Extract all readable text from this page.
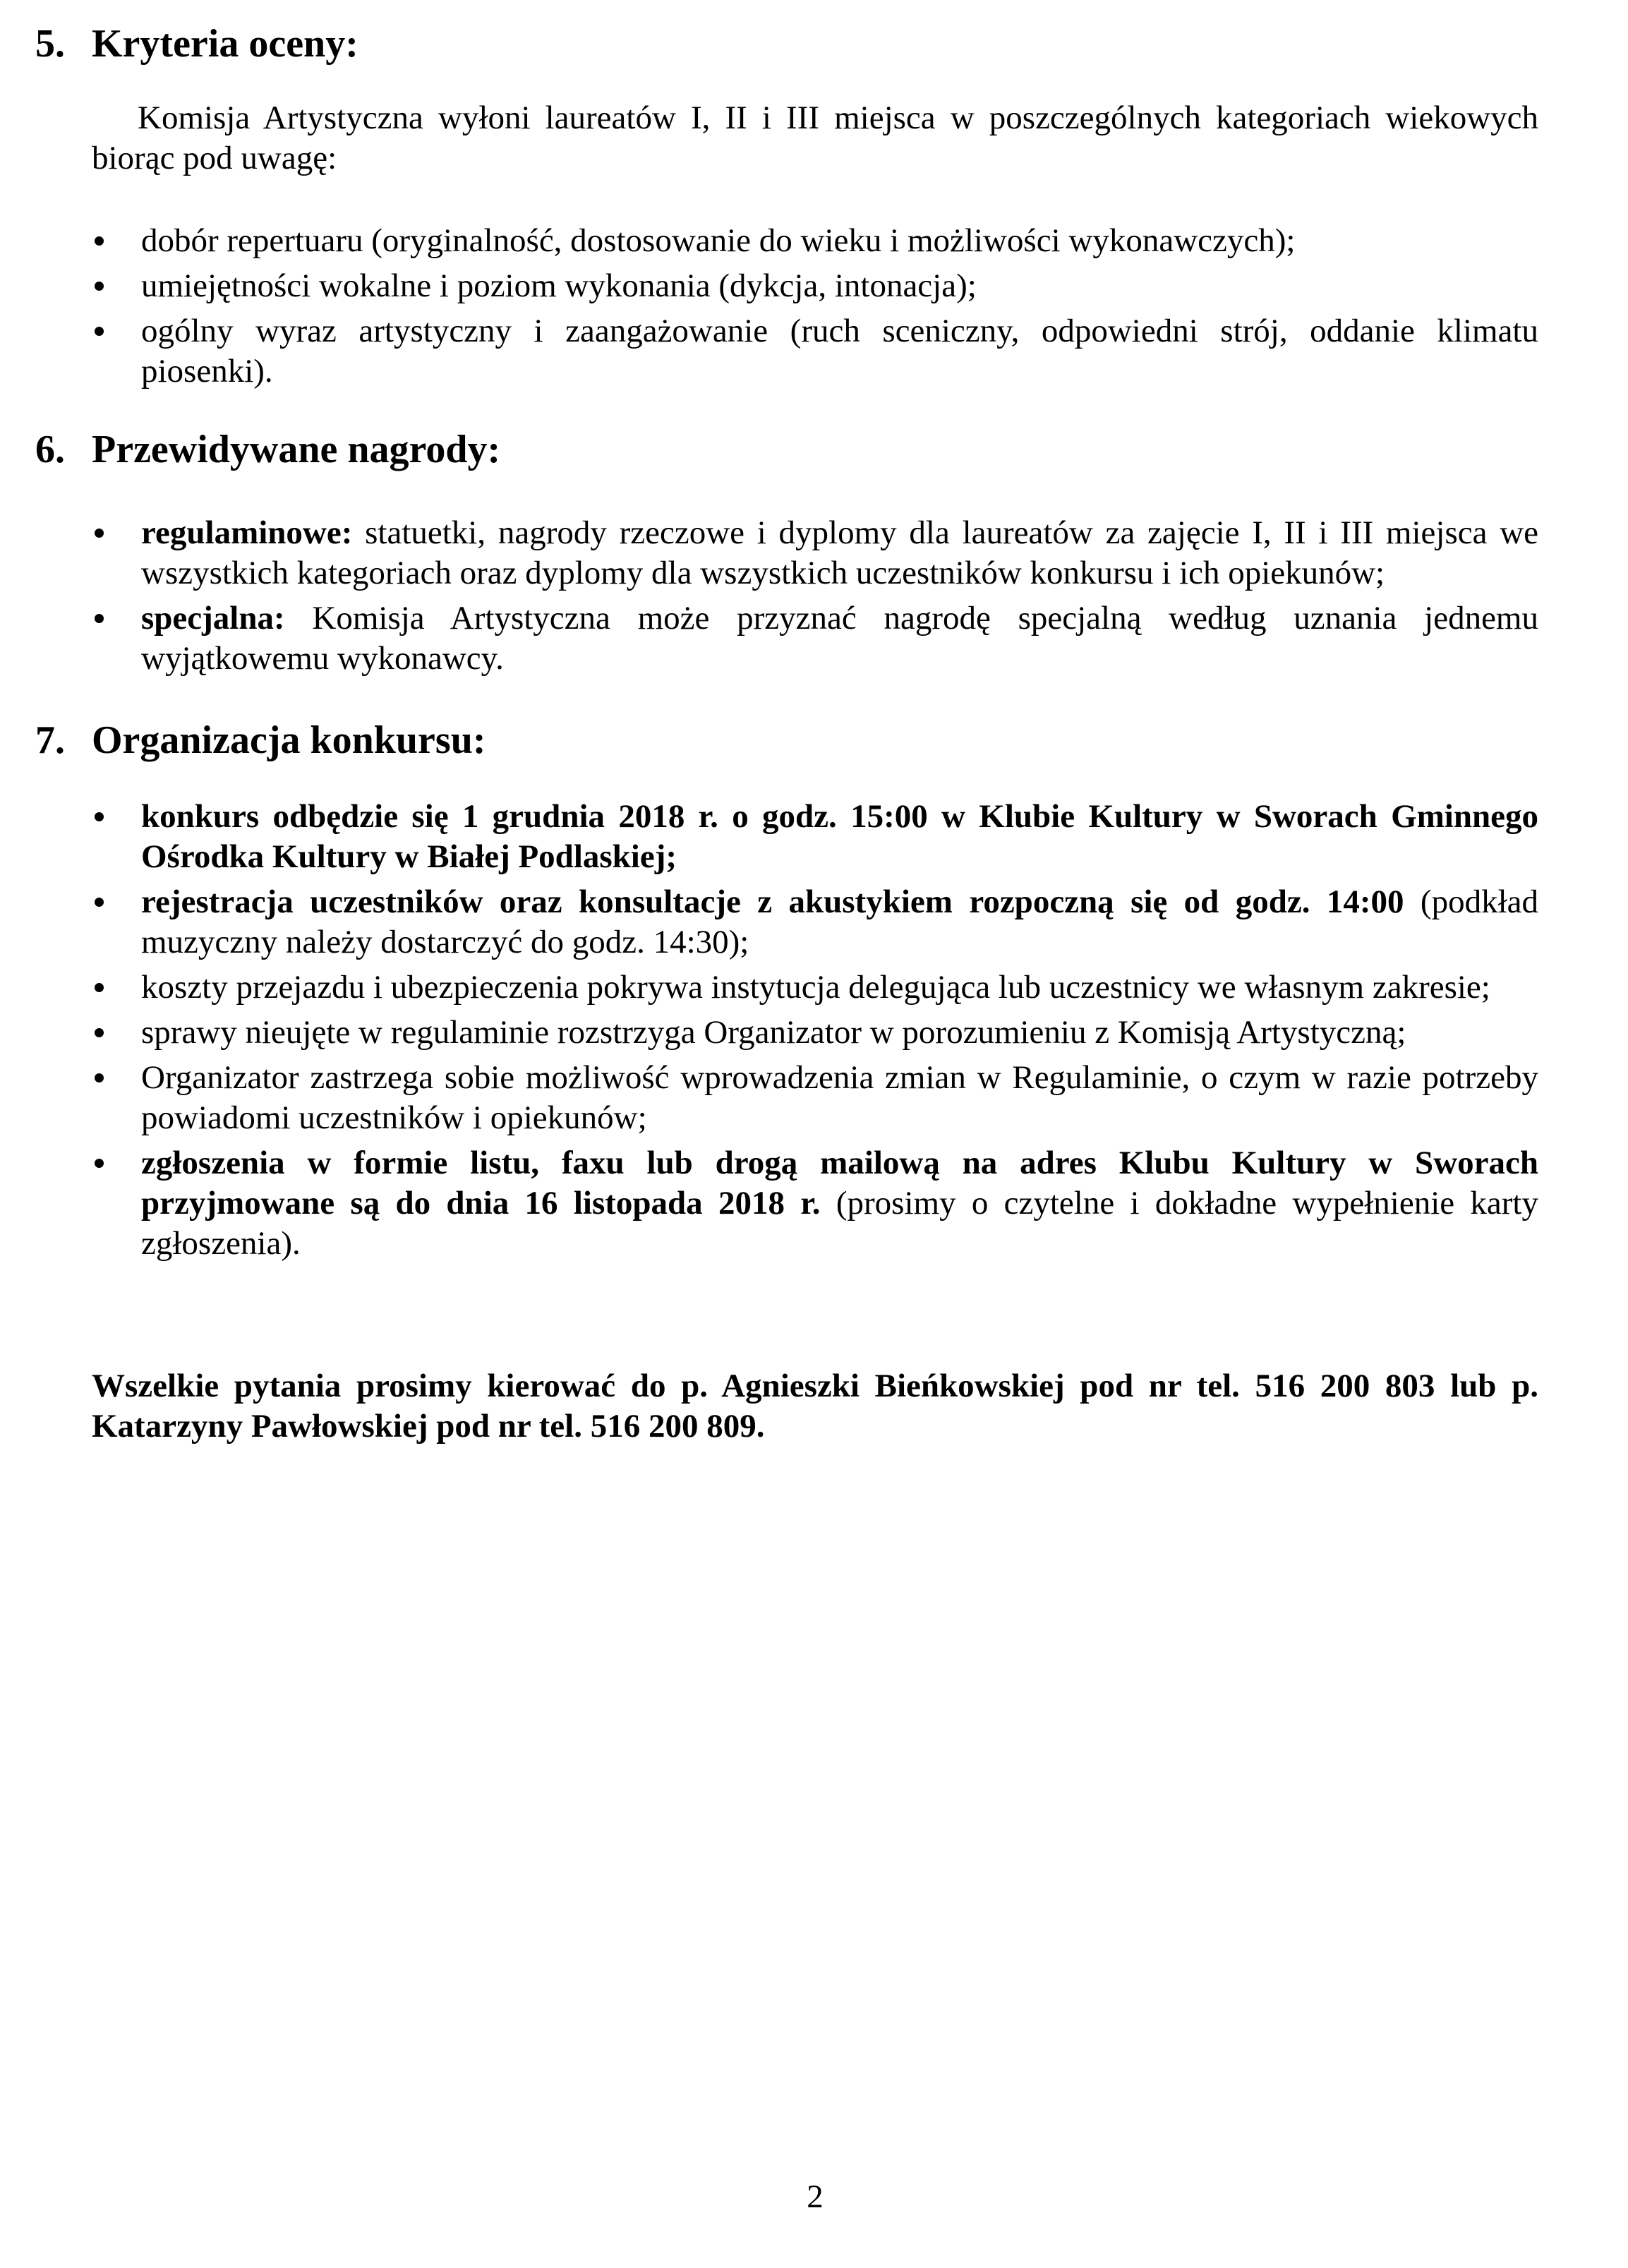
5. Kryteria oceny:

Komisja Artystyczna wyłoni laureatów I, II i III miejsca w poszczególnych kategoriach wiekowych biorąc pod uwagę:

dobór repertuaru (oryginalność, dostosowanie do wieku i możliwości wykonawczych);
umiejętności wokalne i poziom wykonania (dykcja, intonacja);
ogólny wyraz artystyczny i zaangażowanie (ruch sceniczny, odpowiedni strój, oddanie klimatu piosenki).
6. Przewidywane nagrody:
regulaminowe: statuetki, nagrody rzeczowe i dyplomy dla laureatów za zajęcie I, II i III miejsca we wszystkich kategoriach oraz dyplomy dla wszystkich uczestników konkursu i ich opiekunów;
specjalna: Komisja Artystyczna może przyznać nagrodę specjalną według uznania jednemu wyjątkowemu wykonawcy.
7. Organizacja konkursu:
konkurs odbędzie się 1 grudnia 2018 r. o godz. 15:00 w Klubie Kultury w Sworach Gminnego Ośrodka Kultury w Białej Podlaskiej;
rejestracja uczestników oraz konsultacje z akustykiem rozpoczną się od godz. 14:00 (podkład muzyczny należy dostarczyć do godz. 14:30);
koszty przejazdu i ubezpieczenia pokrywa instytucja delegująca lub uczestnicy we własnym zakresie;
sprawy nieujęte w regulaminie rozstrzyga Organizator w porozumieniu z Komisją Artystyczną;
Organizator zastrzega sobie możliwość wprowadzenia zmian w Regulaminie, o czym w razie potrzeby powiadomi uczestników i opiekunów;
zgłoszenia w formie listu, faxu lub drogą mailową na adres Klubu Kultury w Sworach przyjmowane są do dnia 16 listopada 2018 r. (prosimy o czytelne i dokładne wypełnienie karty zgłoszenia).

Wszelkie pytania prosimy kierować do p. Agnieszki Bieńkowskiej pod nr tel. 516 200 803 lub p. Katarzyny Pawłowskiej pod nr tel. 516 200 809.

2
